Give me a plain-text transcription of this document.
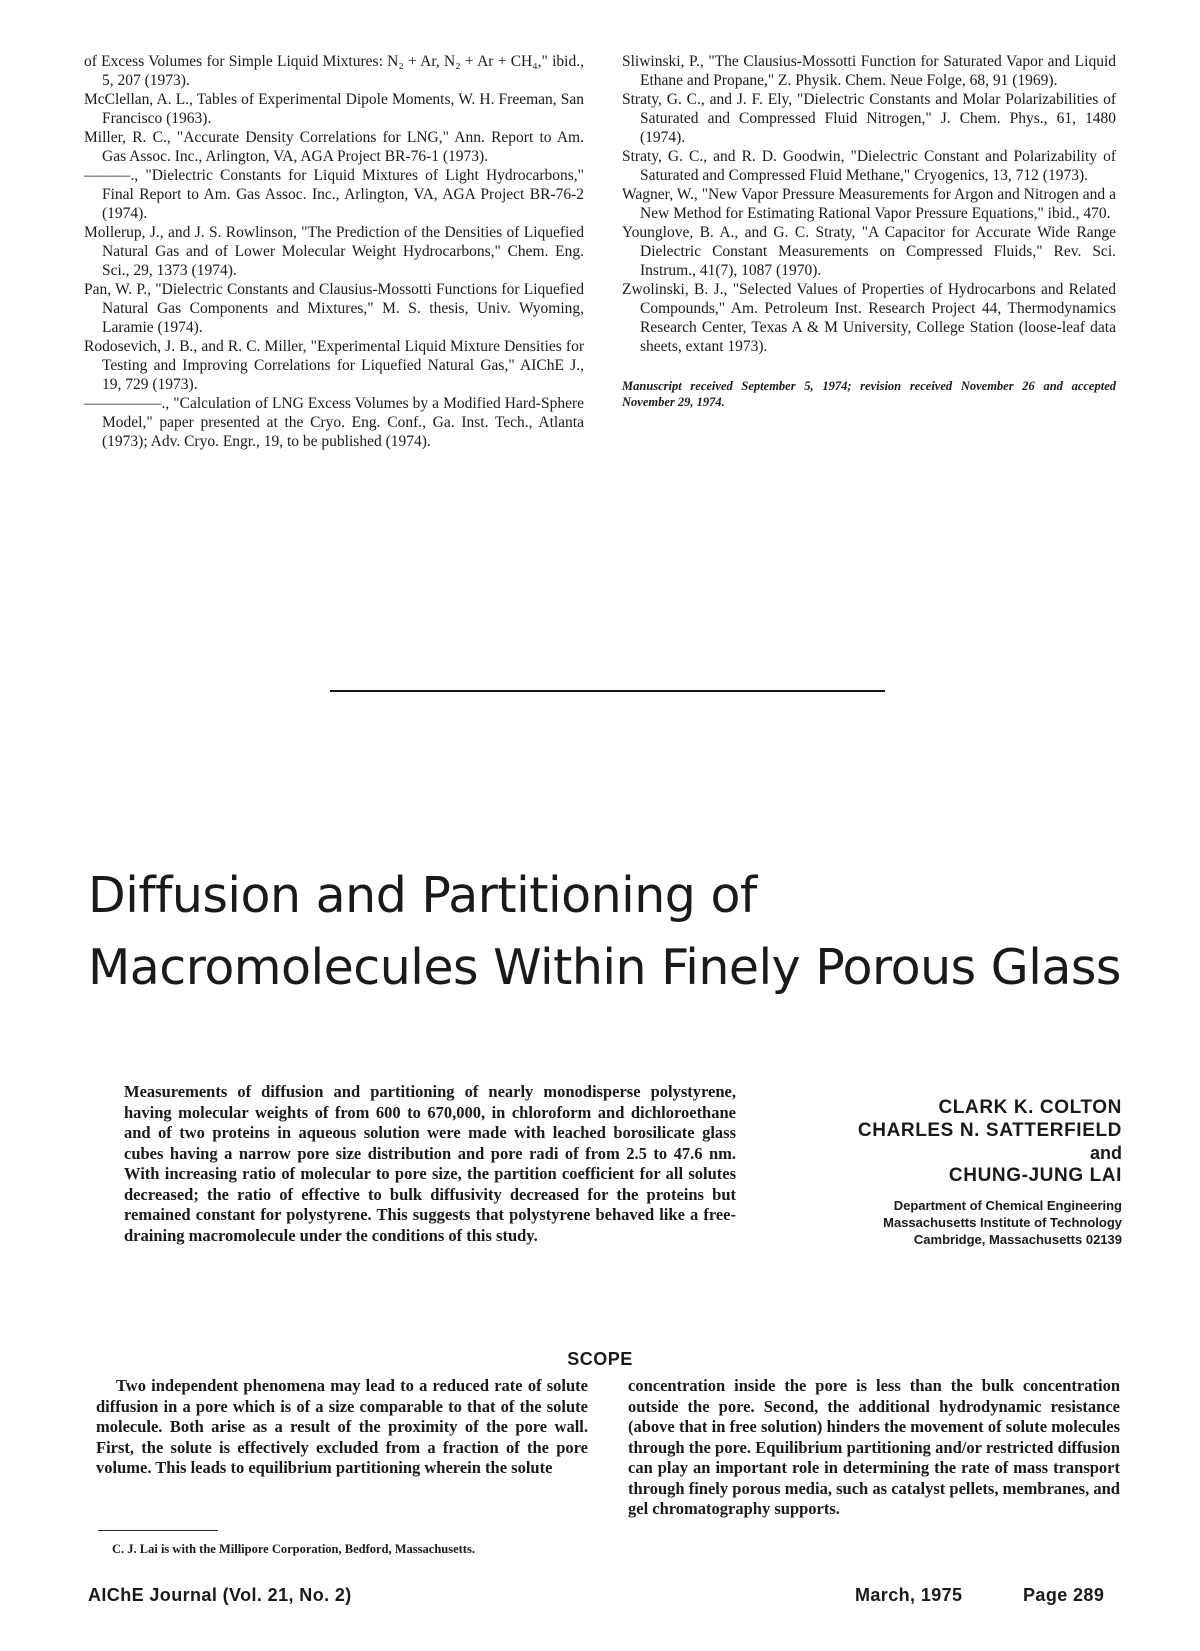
of Excess Volumes for Simple Liquid Mixtures: N₂ + Ar, N₂ + Ar + CH₄," ibid., 5, 207 (1973).
McClellan, A. L., Tables of Experimental Dipole Moments, W. H. Freeman, San Francisco (1963).
Miller, R. C., "Accurate Density Correlations for LNG," Ann. Report to Am. Gas Assoc. Inc., Arlington, VA, AGA Project BR-76-1 (1973).
———., "Dielectric Constants for Liquid Mixtures of Light Hydrocarbons," Final Report to Am. Gas Assoc. Inc., Arlington, VA, AGA Project BR-76-2 (1974).
Mollerup, J., and J. S. Rowlinson, "The Prediction of the Densities of Liquefied Natural Gas and of Lower Molecular Weight Hydrocarbons," Chem. Eng. Sci., 29, 1373 (1974).
Pan, W. P., "Dielectric Constants and Clausius-Mossotti Functions for Liquefied Natural Gas Components and Mixtures," M. S. thesis, Univ. Wyoming, Laramie (1974).
Rodosevich, J. B., and R. C. Miller, "Experimental Liquid Mixture Densities for Testing and Improving Correlations for Liquefied Natural Gas," AIChE J., 19, 729 (1973).
—————., "Calculation of LNG Excess Volumes by a Modified Hard-Sphere Model," paper presented at the Cryo. Eng. Conf., Ga. Inst. Tech., Atlanta (1973); Adv. Cryo. Engr., 19, to be published (1974).
Sliwinski, P., "The Clausius-Mossotti Function for Saturated Vapor and Liquid Ethane and Propane," Z. Physik. Chem. Neue Folge, 68, 91 (1969).
Straty, G. C., and J. F. Ely, "Dielectric Constants and Molar Polarizabilities of Saturated and Compressed Fluid Nitrogen," J. Chem. Phys., 61, 1480 (1974).
Straty, G. C., and R. D. Goodwin, "Dielectric Constant and Polarizability of Saturated and Compressed Fluid Methane," Cryogenics, 13, 712 (1973).
Wagner, W., "New Vapor Pressure Measurements for Argon and Nitrogen and a New Method for Estimating Rational Vapor Pressure Equations," ibid., 470.
Younglove, B. A., and G. C. Straty, "A Capacitor for Accurate Wide Range Dielectric Constant Measurements on Compressed Fluids," Rev. Sci. Instrum., 41(7), 1087 (1970).
Zwolinski, B. J., "Selected Values of Properties of Hydrocarbons and Related Compounds," Am. Petroleum Inst. Research Project 44, Thermodynamics Research Center, Texas A & M University, College Station (loose-leaf data sheets, extant 1973).
Manuscript received September 5, 1974; revision received November 26 and accepted November 29, 1974.
Diffusion and Partitioning of Macromolecules Within Finely Porous Glass

Measurements of diffusion and partitioning of nearly monodisperse polystyrene, having molecular weights of from 600 to 670,000, in chloroform and dichloroethane and of two proteins in aqueous solution were made with leached borosilicate glass cubes having a narrow pore size distribution and pore radi of from 2.5 to 47.6 nm. With increasing ratio of molecular to pore size, the partition coefficient for all solutes decreased; the ratio of effective to bulk diffusivity decreased for the proteins but remained constant for polystyrene. This suggests that polystyrene behaved like a free-draining macromolecule under the conditions of this study.

CLARK K. COLTON
CHARLES N. SATTERFIELD
and
CHUNG-JUNG LAI
Department of Chemical Engineering
Massachusetts Institute of Technology
Cambridge, Massachusetts 02139
SCOPE

Two independent phenomena may lead to a reduced rate of solute diffusion in a pore which is of a size comparable to that of the solute molecule. Both arise as a result of the proximity of the pore wall. First, the solute is effectively excluded from a fraction of the pore volume. This leads to equilibrium partitioning wherein the solute

concentration inside the pore is less than the bulk concentration outside the pore. Second, the additional hydrodynamic resistance (above that in free solution) hinders the movement of solute molecules through the pore. Equilibrium partitioning and/or restricted diffusion can play an important role in determining the rate of mass transport through finely porous media, such as catalyst pellets, membranes, and gel chromatography supports.

C. J. Lai is with the Millipore Corporation, Bedford, Massachusetts.

AIChE Journal (Vol. 21, No. 2)	March, 1975	Page 289
